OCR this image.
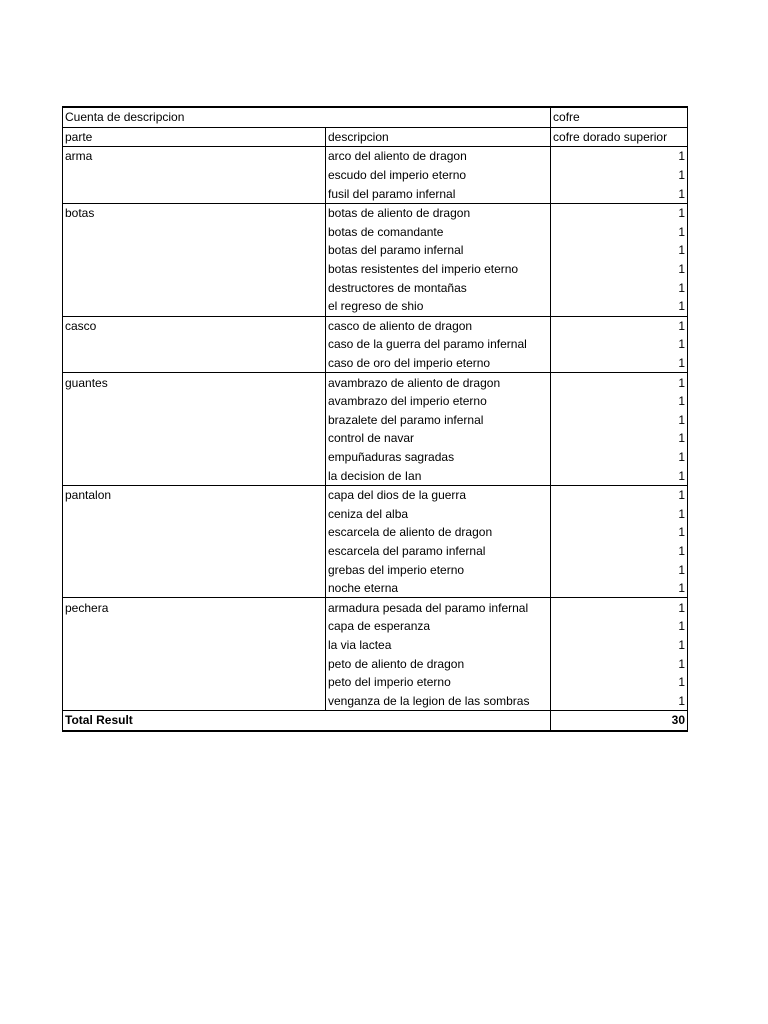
Cuenta de descripcion		cofre
parte	descripcion	cofre dorado superior
arma	arco del aliento de dragon	1
	escudo del imperio eterno	1
	fusil del paramo infernal	1
botas	botas de aliento de dragon	1
	botas de comandante	1
	botas del paramo infernal	1
	botas resistentes del imperio eterno	1
	destructores de montañas	1
	el regreso de shio	1
casco	casco de aliento de dragon	1
	caso de la guerra del paramo infernal	1
	caso de oro del imperio eterno	1
guantes	avambrazo de aliento de dragon	1
	avambrazo del imperio eterno	1
	brazalete del paramo infernal	1
	control de navar	1
	empuñaduras sagradas	1
	la decision de Ian	1
pantalon	capa del dios de la guerra	1
	ceniza del alba	1
	escarcela de aliento de dragon	1
	escarcela del paramo infernal	1
	grebas del imperio eterno	1
	noche eterna	1
pechera	armadura pesada del paramo infernal	1
	capa de esperanza	1
	la via lactea	1
	peto de aliento de dragon	1
	peto del imperio eterno	1
	venganza de la legion de las sombras	1
Total Result		30
